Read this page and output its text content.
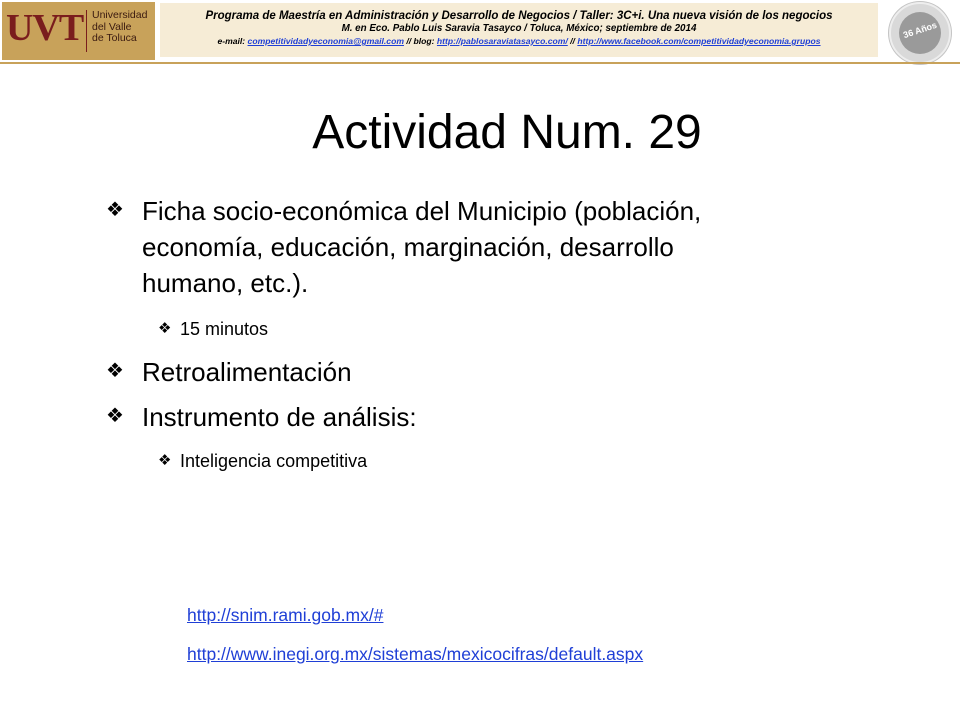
UVT Universidad
del Valle
de Toluca
Programa de Maestría en Administración y Desarrollo de Negocios / Taller: 3C+i. Una nueva visión de los negocios
M. en Eco. Pablo Luis Saravia Tasayco / Toluca, México; septiembre de 2014
e-mail: competitividadyeconomia@gmail.com // blog: http://pablosaraviatasayco.com/ // http://www.facebook.com/competitividadyeconomia.grupos
36 Años
Actividad Num. 29
❖ Ficha socio-económica del Municipio (población,
economía, educación, marginación, desarrollo
humano, etc.).
❖ 15 minutos
❖ Retroalimentación
❖ Instrumento de análisis:
❖ Inteligencia competitiva
http://snim.rami.gob.mx/#
http://www.inegi.org.mx/sistemas/mexicocifras/default.aspx
